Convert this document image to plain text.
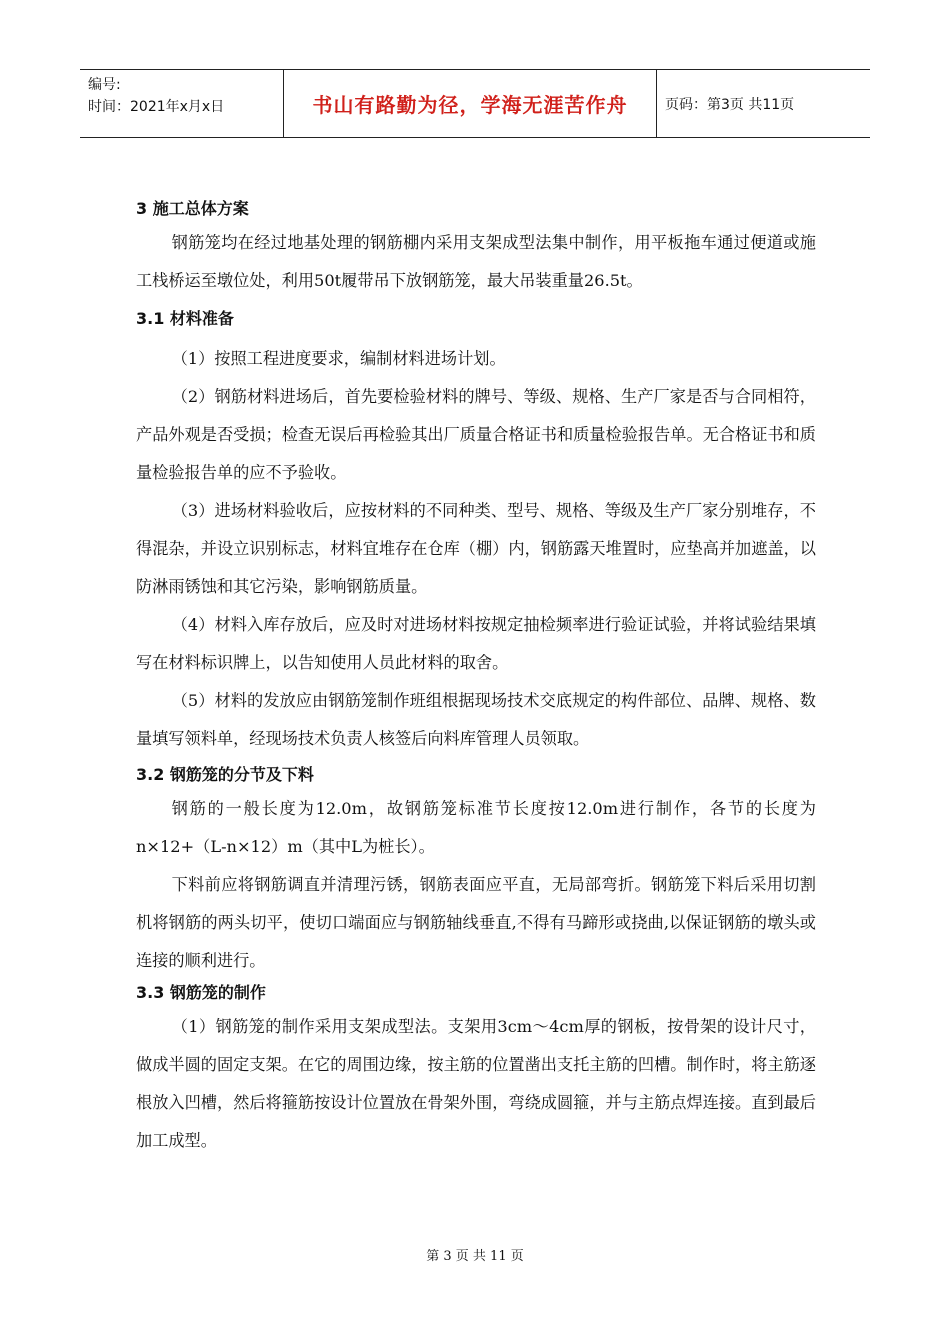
编号:
时间：2021年x月x日	书山有路勤为径，学海无涯苦作舟	页码：第3页 共11页
3 施工总体方案

钢筋笼均在经过地基处理的钢筋棚内采用支架成型法集中制作，用平板拖车通过便道或施工栈桥运至墩位处，利用50t履带吊下放钢筋笼，最大吊装重量26.5t。

3.1 材料准备

（1）按照工程进度要求，编制材料进场计划。

（2）钢筋材料进场后，首先要检验材料的牌号、等级、规格、生产厂家是否与合同相符，产品外观是否受损；检查无误后再检验其出厂质量合格证书和质量检验报告单。无合格证书和质量检验报告单的应不予验收。

（3）进场材料验收后，应按材料的不同种类、型号、规格、等级及生产厂家分别堆存，不得混杂，并设立识别标志，材料宜堆存在仓库（棚）内，钢筋露天堆置时，应垫高并加遮盖，以防淋雨锈蚀和其它污染，影响钢筋质量。

（4）材料入库存放后，应及时对进场材料按规定抽检频率进行验证试验，并将试验结果填写在材料标识牌上，以告知使用人员此材料的取舍。

（5）材料的发放应由钢筋笼制作班组根据现场技术交底规定的构件部位、品牌、规格、数量填写领料单，经现场技术负责人核签后向料库管理人员领取。

3.2 钢筋笼的分节及下料

钢筋的一般长度为12.0m，故钢筋笼标准节长度按12.0m进行制作，各节的长度为n×12+（L-n×12）m（其中L为桩长）。

下料前应将钢筋调直并清理污锈，钢筋表面应平直，无局部弯折。钢筋笼下料后采用切割机将钢筋的两头切平，使切口端面应与钢筋轴线垂直,不得有马蹄形或挠曲,以保证钢筋的墩头或连接的顺利进行。

3.3 钢筋笼的制作

（1）钢筋笼的制作采用支架成型法。支架用3cm～4cm厚的钢板，按骨架的设计尺寸，做成半圆的固定支架。在它的周围边缘，按主筋的位置凿出支托主筋的凹槽。制作时，将主筋逐根放入凹槽，然后将箍筋按设计位置放在骨架外围，弯绕成圆箍，并与主筋点焊连接。直到最后加工成型。

第 3 页 共 11 页
